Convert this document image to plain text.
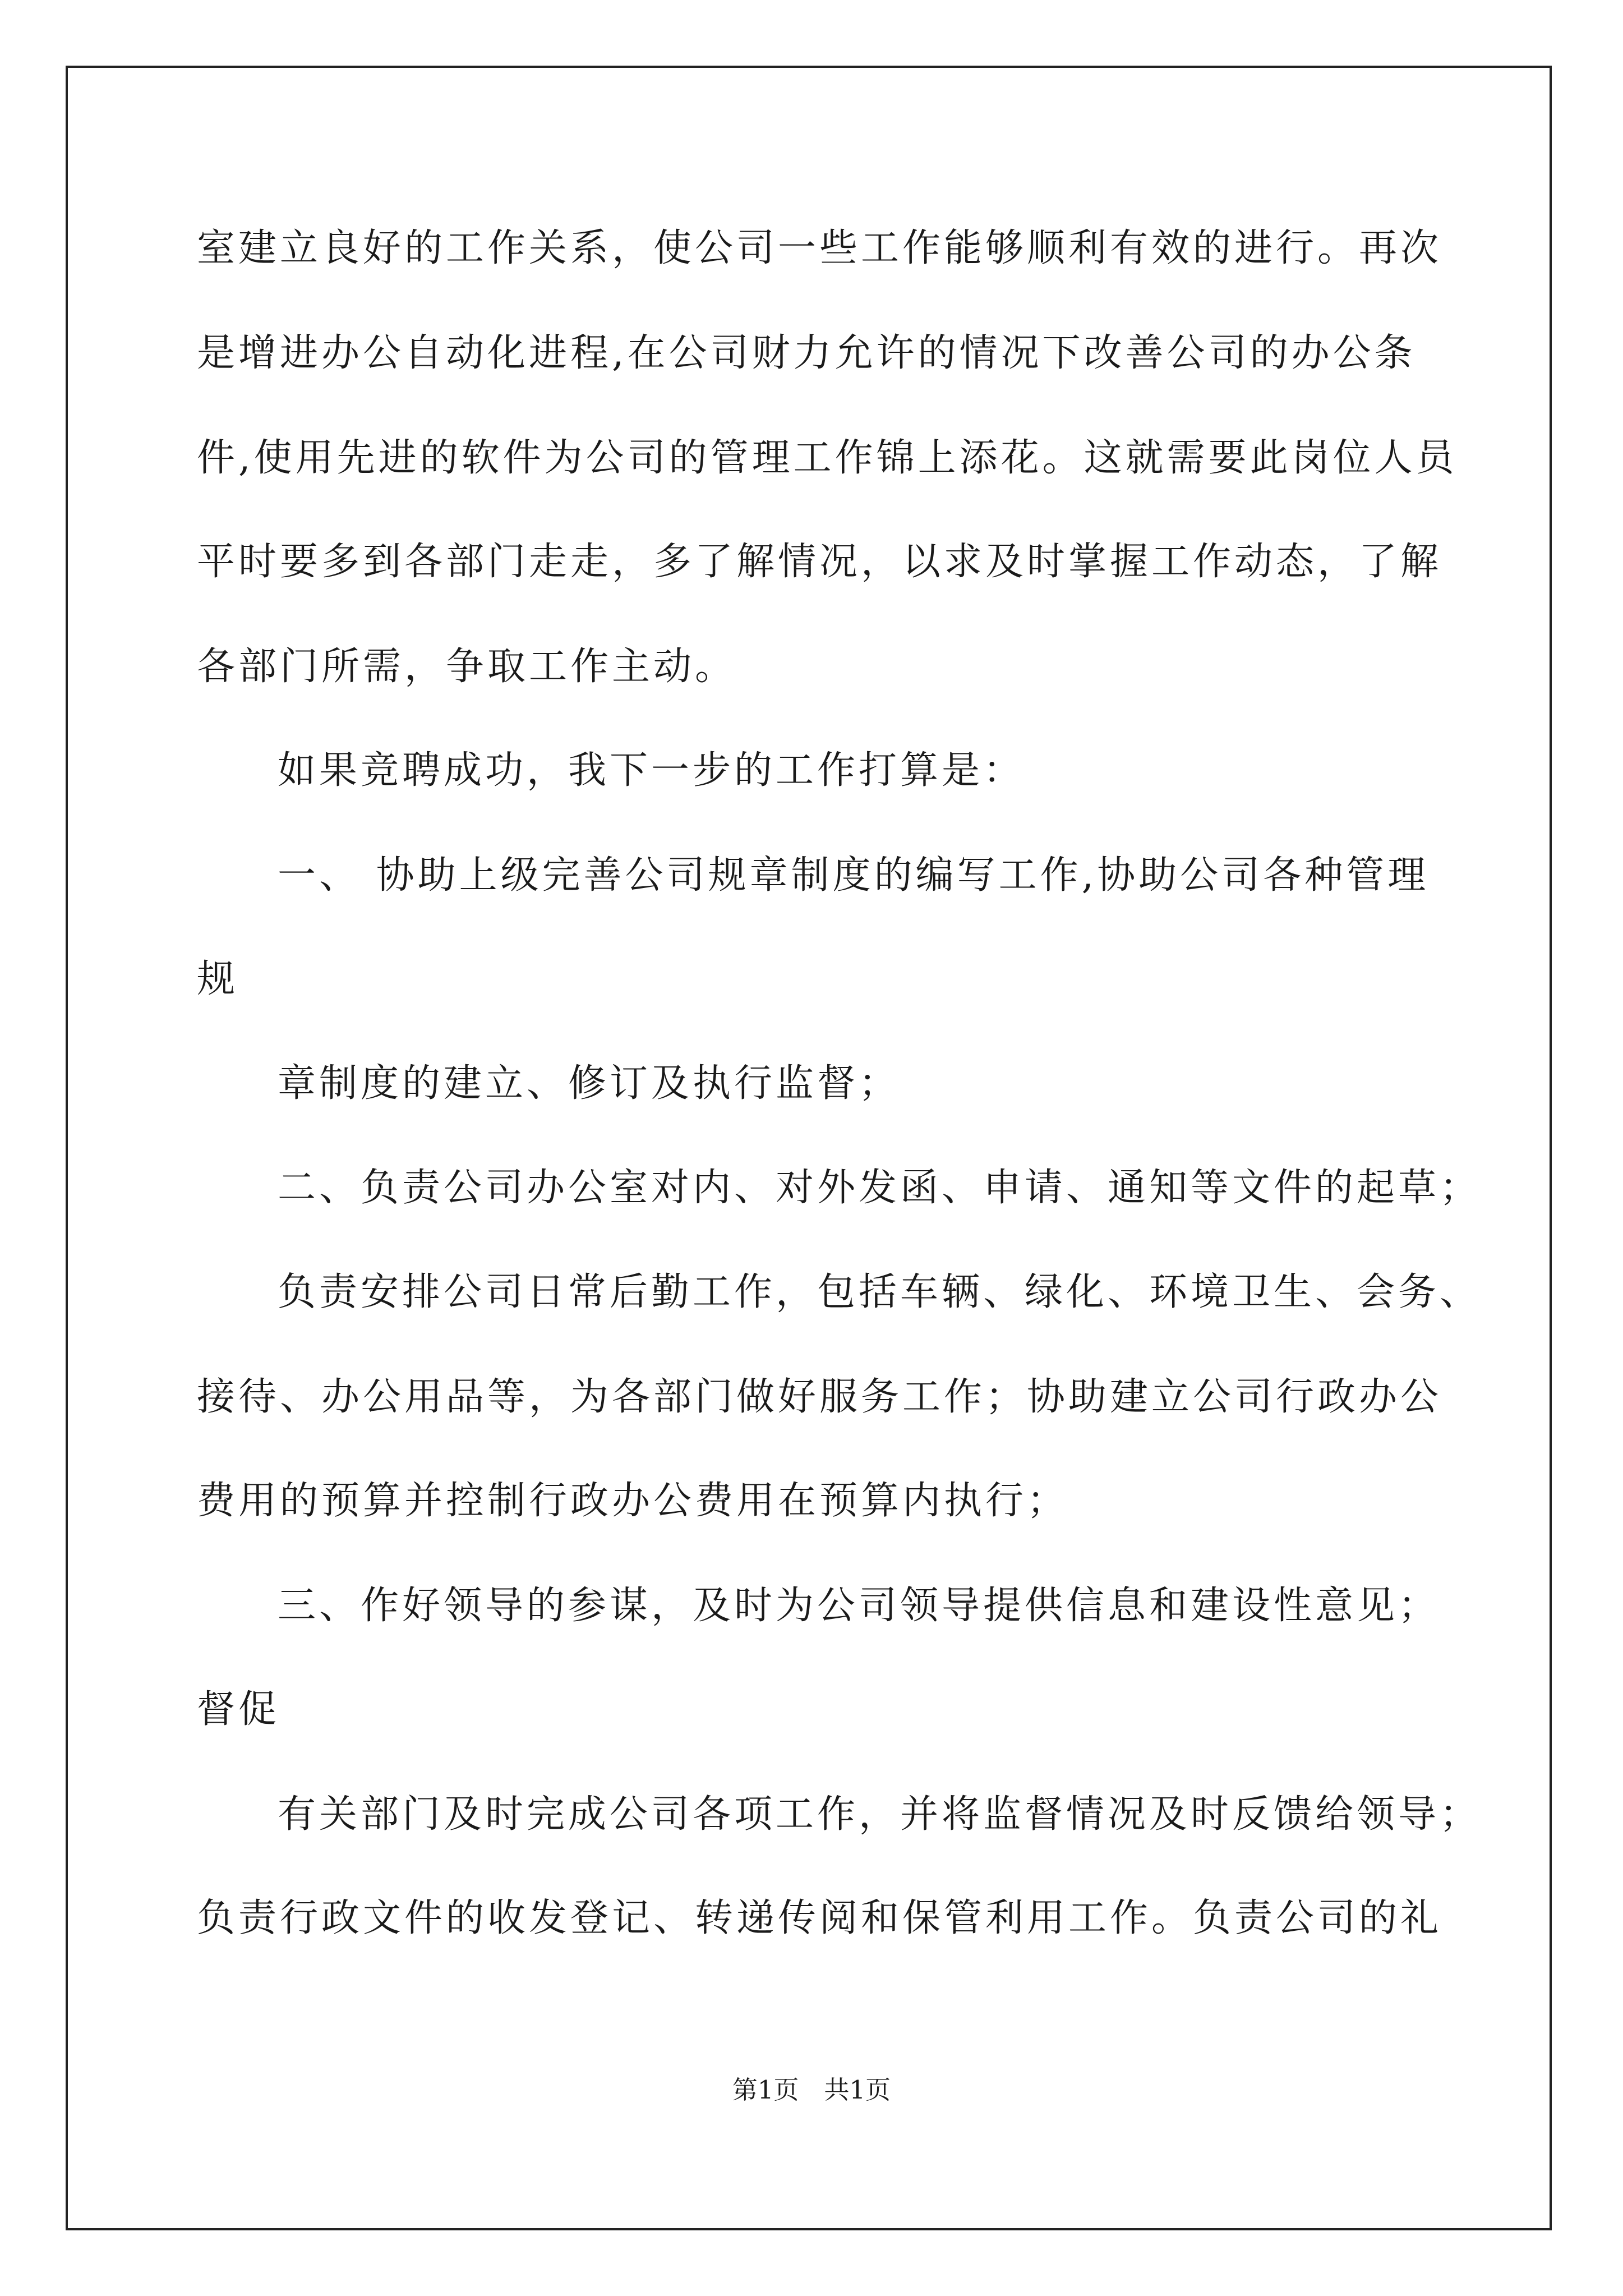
室建立良好的工作关系，使公司一些工作能够顺利有效的进行。再次
是增进办公自动化进程,在公司财力允许的情况下改善公司的办公条
件,使用先进的软件为公司的管理工作锦上添花。这就需要此岗位人员
平时要多到各部门走走，多了解情况，以求及时掌握工作动态，了解
各部门所需，争取工作主动。
如果竞聘成功，我下一步的工作打算是：
一、 协助上级完善公司规章制度的编写工作,协助公司各种管理
规
章制度的建立、修订及执行监督；
二、负责公司办公室对内、对外发函、申请、通知等文件的起草；
负责安排公司日常后勤工作，包括车辆、绿化、环境卫生、会务、
接待、办公用品等，为各部门做好服务工作；协助建立公司行政办公
费用的预算并控制行政办公费用在预算内执行；
三、作好领导的参谋，及时为公司领导提供信息和建设性意见；
督促
有关部门及时完成公司各项工作，并将监督情况及时反馈给领导；
负责行政文件的收发登记、转递传阅和保管利用工作。负责公司的礼
第1页　共1页
